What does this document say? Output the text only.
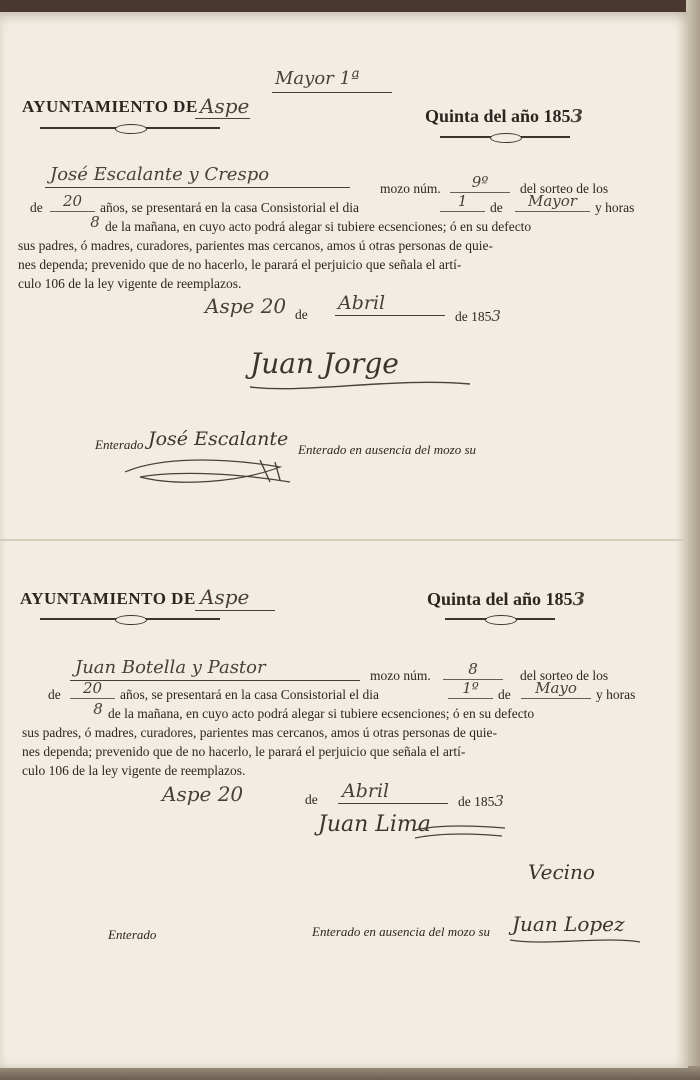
Mayor 1ª
AYUNTAMIENTO DE Aspe	Quinta del año 1853
José Escalante y Crespo
mozo núm.	9º	del sorteo de los
de	20	años, se presentará en la casa Consistorial el dia	1	de	Mayor	y horas
8 de la mañana, en cuyo acto podrá alegar si tubiere ecsenciones; ó en su defecto
sus padres, ó madres, curadores, parientes mas cercanos, amos ú otras personas de quie-
nes dependa; prevenido que de no hacerlo, le parará el perjuicio que señala el artí-
culo 106 de la ley vigente de reemplazos.
Aspe 20 de
Abril
de 1853
Juan Jorge
Enterado José Escalante Enterado en ausencia del mozo su
AYUNTAMIENTO DE Aspe	Quinta del año 1853
Juan Botella y Pastor	mozo núm.	8	del sorteo de los
de	20	años, se presentará en la casa Consistorial el dia	1º	de	Mayo	y horas
8 de la mañana, en cuyo acto podrá alegar si tubiere ecsenciones; ó en su defecto
sus padres, ó madres, curadores, parientes mas cercanos, amos ú otras personas de quie-
nes dependa; prevenido que de no hacerlo, le parará el perjuicio que señala el artí-
culo 106 de la ley vigente de reemplazos.
Aspe 20	de Abril	de 1853
Juan Lima
Vecino
Enterado	Enterado en ausencia del mozo su Juan Lopez
